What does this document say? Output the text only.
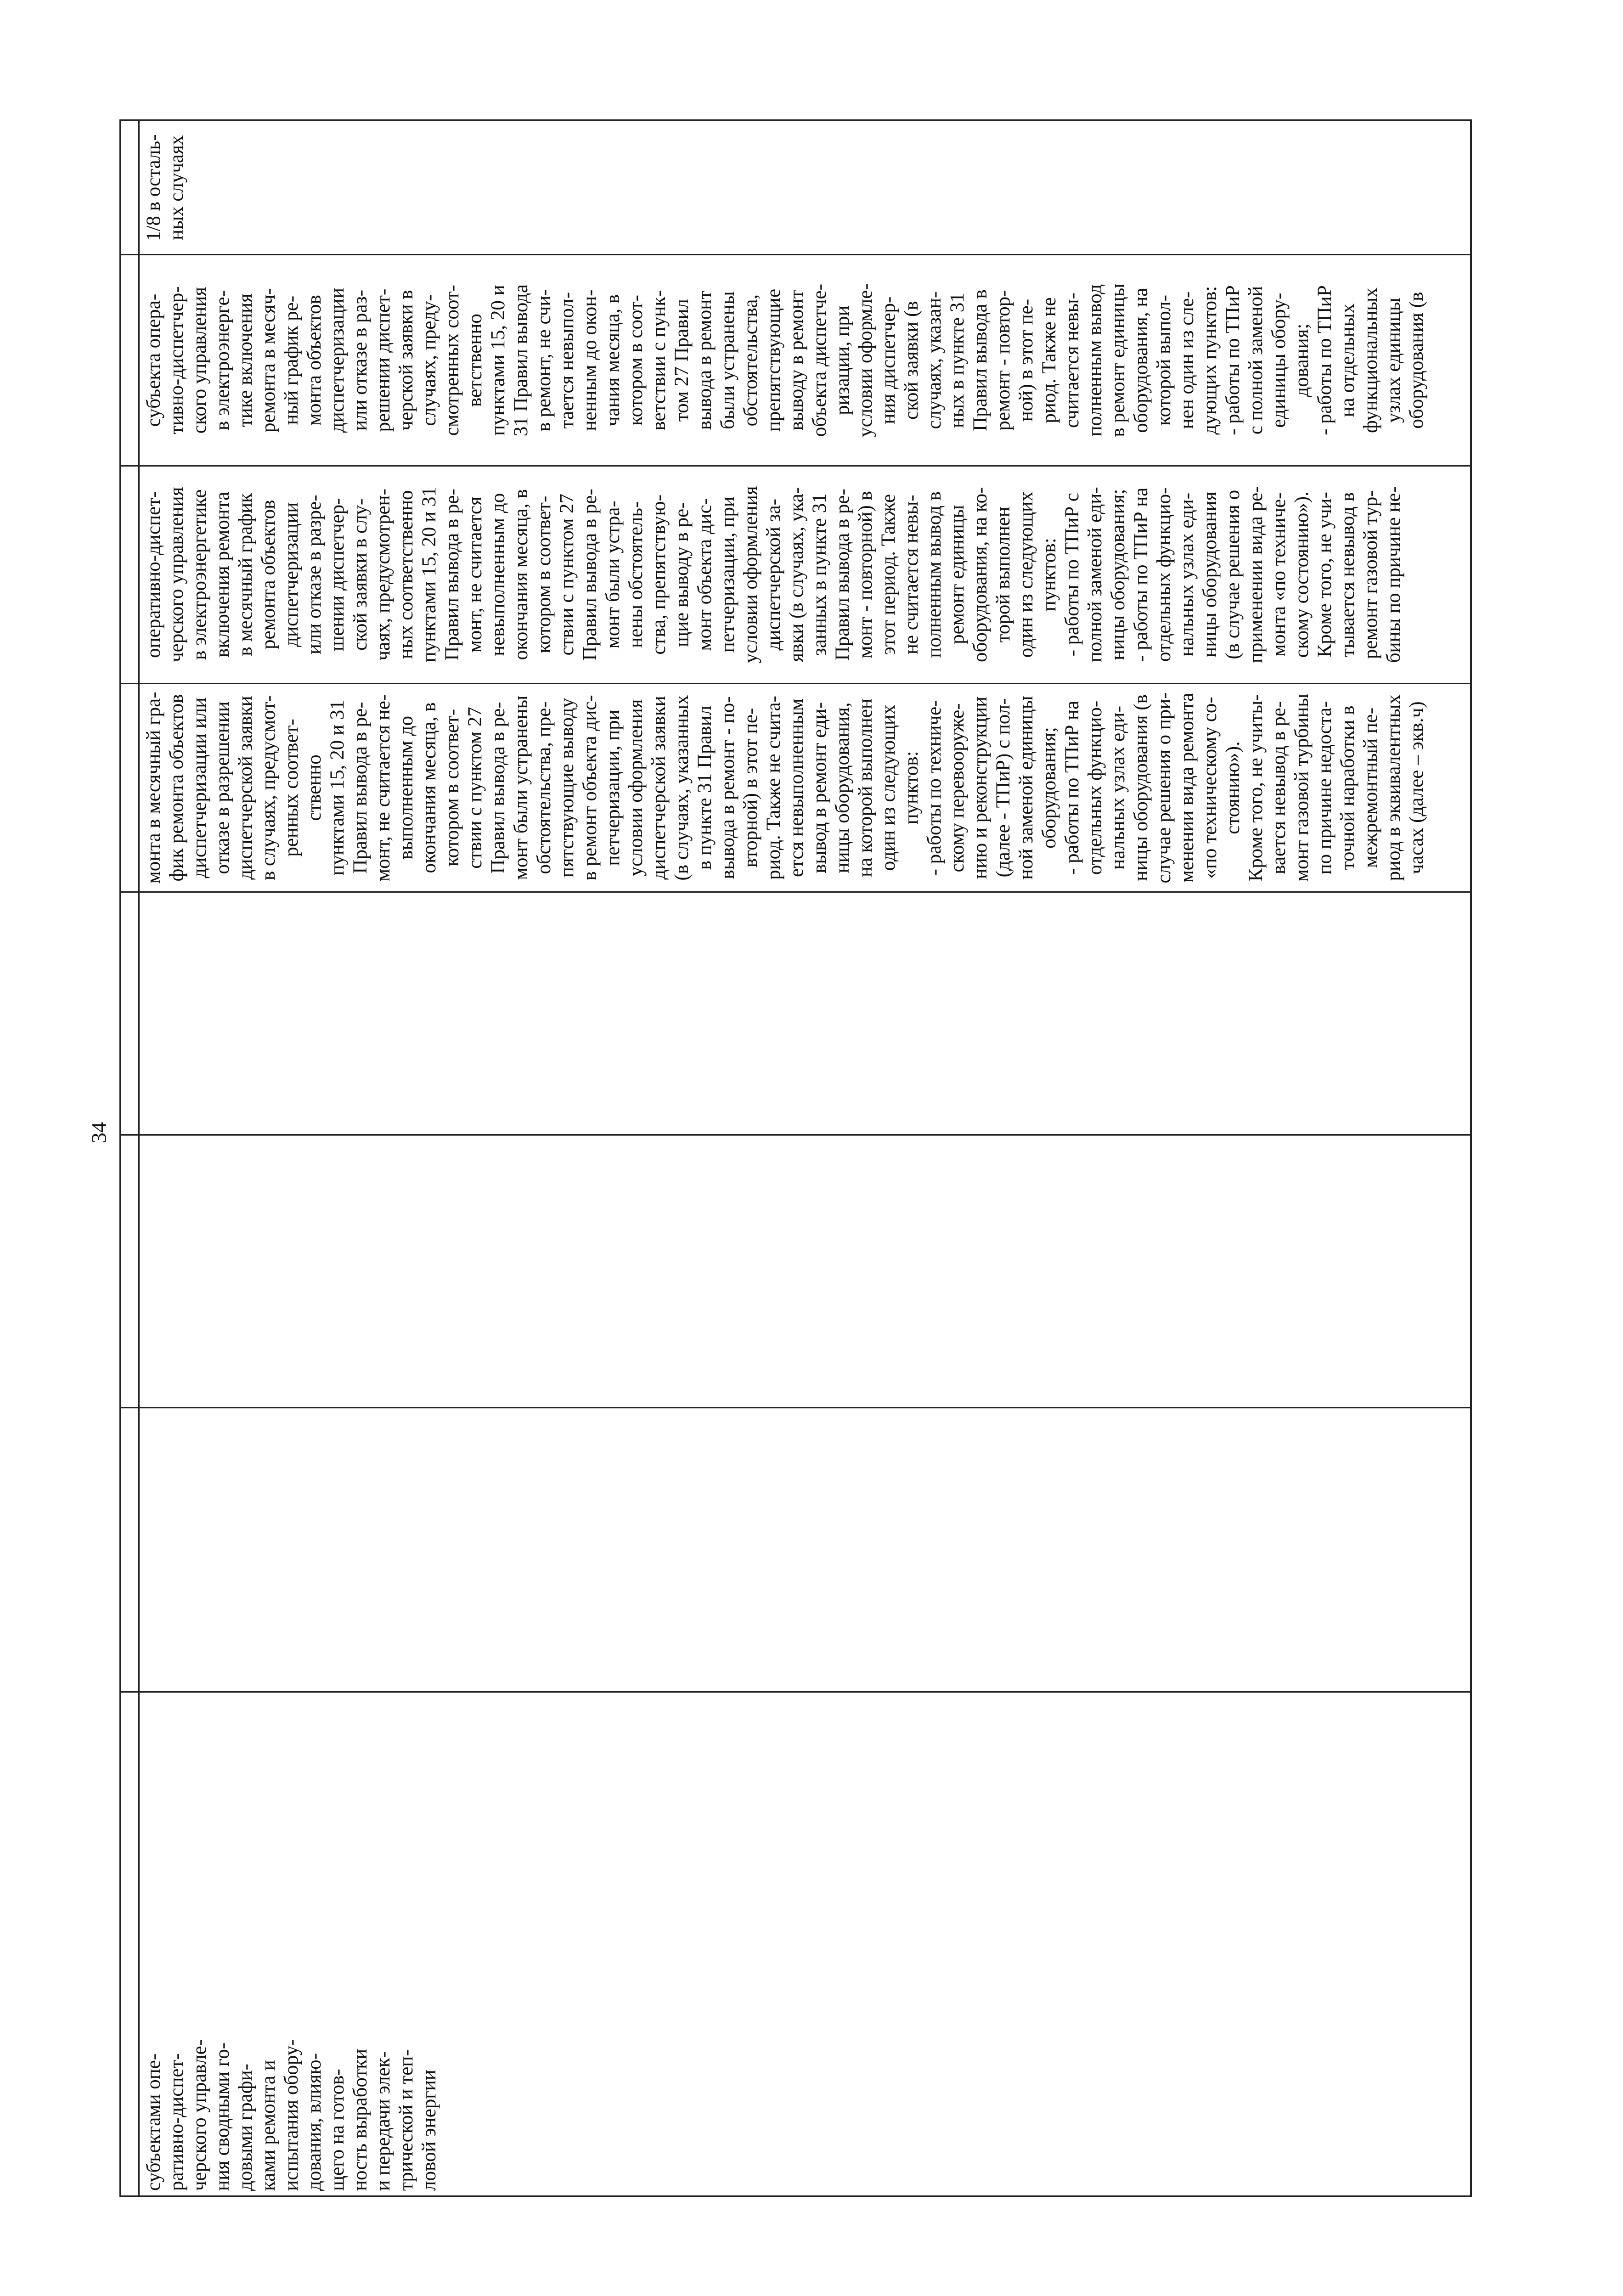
34
субъектами опе- ративно-диспет- черского управле- ния сводными го- довыми графи- ками ремонта и испытания обору- дования, влияю- щего на готов- ность выработки и передачи элек- трической и теп- ловой энергии
монта в месячный гра- фик ремонта объектов диспетчеризации или отказе в разрешении диспетчерской заявки в случаях, предусмот- ренных соответ- ственно пунктами 15, 20 и 31 Правил вывода в ре- монт, не считается не- выполненным до окончания месяца, в котором в соответ- ствии с пунктом 27 Правил вывода в ре- монт были устранены обстоятельства, пре- пятствующие выводу в ремонт объекта дис- петчеризации, при условии оформления диспетчерской заявки (в случаях, указанных в пункте 31 Правил вывода в ремонт - по- вторной) в этот пе- риод. Также не счита- ется невыполненным вывод в ремонт еди- ницы оборудования, на которой выполнен один из следующих пунктов: - работы по техниче- скому перевооруже- нию и реконструкции (далее - ТПиР) с пол- ной заменой единицы оборудования; - работы по ТПиР на отдельных функцио- нальных узлах еди- ницы оборудования (в случае решения о при- менении вида ремонта «по техническому со- стоянию»). Кроме того, не учиты- вается невывод в ре- монт газовой турбины по причине недоста- точной наработки в межремонтный пе- риод в эквивалентных часах (далее – экв.ч)
оперативно-диспет- черского управления в электроэнергетике включения ремонта в месячный график ремонта объектов диспетчеризации или отказе в разре- шении диспетчер- ской заявки в слу- чаях, предусмотрен- ных соответственно пунктами 15, 20 и 31 Правил вывода в ре- монт, не считается невыполненным до окончания месяца, в котором в соответ- ствии с пунктом 27 Правил вывода в ре- монт были устра- нены обстоятель- ства, препятствую- щие выводу в ре- монт объекта дис- петчеризации, при условии оформления диспетчерской за- явки (в случаях, ука- занных в пункте 31 Правил вывода в ре- монт - повторной) в этот период. Также не считается невы- полненным вывод в ремонт единицы оборудования, на ко- торой выполнен один из следующих пунктов: - работы по ТПиР с полной заменой еди- ницы оборудования; - работы по ТПиР на отдельных функцио- нальных узлах еди- ницы оборудования (в случае решения о применении вида ре- монта «по техниче- скому состоянию»). Кроме того, не учи- тывается невывод в ремонт газовой тур- бины по причине не-
субъекта опера- тивно-диспетчер- ского управления в электроэнерге- тике включения ремонта в месяч- ный график ре- монта объектов диспетчеризации или отказе в раз- решении диспет- черской заявки в случаях, преду- смотренных соот- ветственно пунктами 15, 20 и 31 Правил вывода в ремонт, не счи- тается невыпол- ненным до окон- чания месяца, в котором в соот- ветствии с пунк- том 27 Правил вывода в ремонт были устранены обстоятельства, препятствующие выводу в ремонт объекта диспетче- ризации, при условии оформле- ния диспетчер- ской заявки (в случаях, указан- ных в пункте 31 Правил вывода в ремонт - повтор- ной) в этот пе- риод. Также не считается невы- полненным вывод в ремонт единицы оборудования, на которой выпол- нен один из сле- дующих пунктов: - работы по ТПиР с полной заменой единицы обору- дования; - работы по ТПиР на отдельных функциональных узлах единицы оборудования (в
1/8 в осталь- ных случаях
